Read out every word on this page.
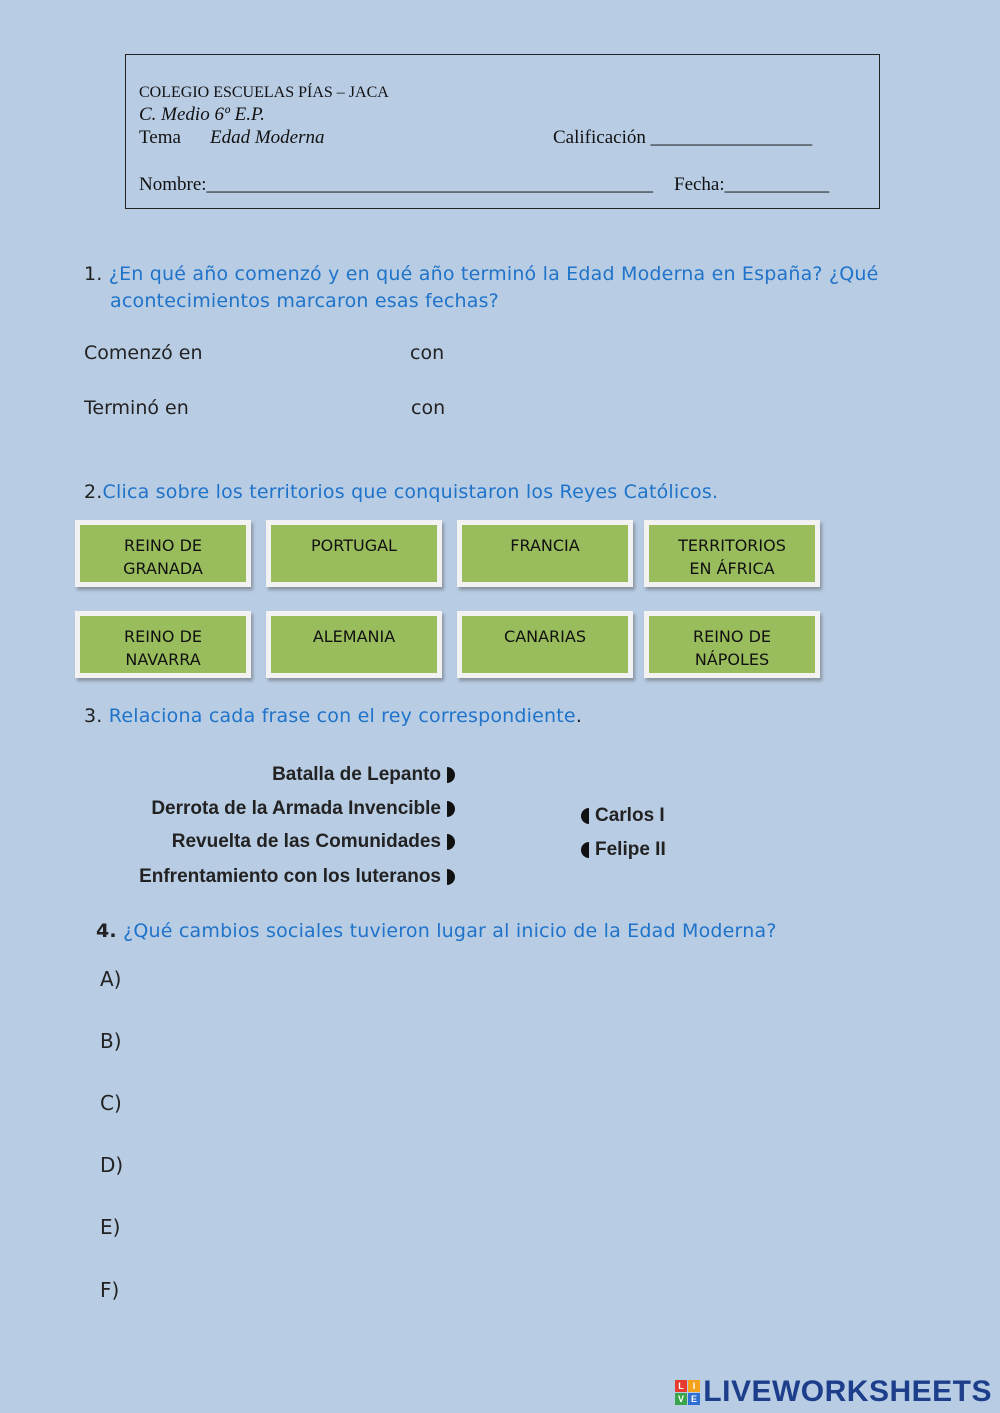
COLEGIO ESCUELAS PÍAS – JACA
C. Medio 6º E.P.
Tema Edad Moderna	Calificación _________________
Nombre:_______________________________________________ Fecha:___________
1. ¿En qué año comenzó y en qué año terminó la Edad Moderna en España? ¿Qué
acontecimientos marcaron esas fechas?
Comenzó en	con
Terminó en	con
2.Clica sobre los territorios que conquistaron los Reyes Católicos.
REINO DE
GRANADA
PORTUGAL	FRANCIA	TERRITORIOS
EN ÁFRICA
REINO DE
NAVARRA
ALEMANIA	CANARIAS	REINO DE
NÁPOLES
3. Relaciona cada frase con el rey correspondiente.
Batalla de Lepanto
Derrota de la Armada Invencible
Revuelta de las Comunidades
Enfrentamiento con los luteranos
Carlos I
Felipe II
4. ¿Qué cambios sociales tuvieron lugar al inicio de la Edad Moderna?
A)
B)
C)
D)
E)
F)
L I
V E LIVEWORKSHEETS
